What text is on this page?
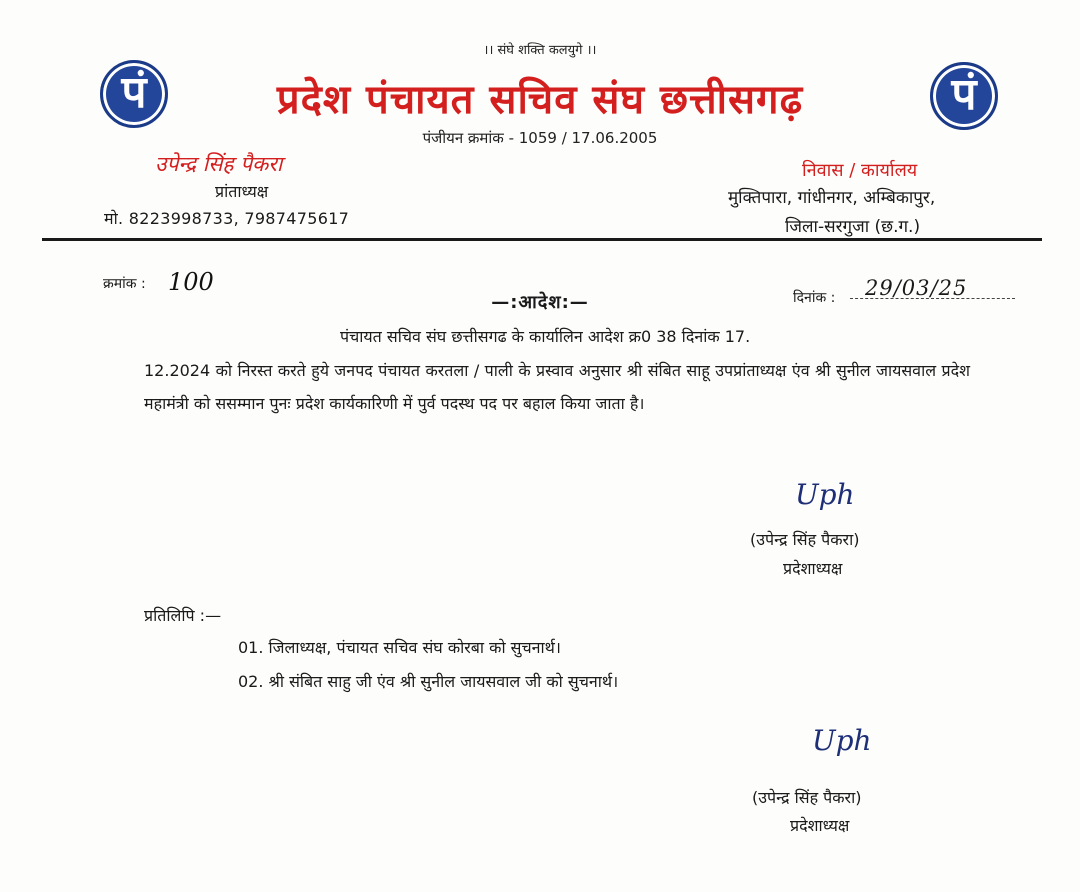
।। संघे शक्ति कलयुगे ।।
पं	प्रदेश पंचायत सचिव संघ छत्तीसगढ़	पं
पंजीयन क्रमांक - 1059 / 17.06.2005
उपेन्द्र सिंह पैकरा
प्रांताध्यक्ष
मो. 8223998733, 7987475617
निवास / कार्यालय
मुक्तिपारा, गांधीनगर, अम्बिकापुर,
जिला-सरगुजा (छ.ग.)
क्रमांक : 100
—:आदेश:—	दिनांक : 29/03/25
पंचायत सचिव संघ छत्तीसगढ के कार्यालिन आदेश क्र0 38 दिनांक 17.
12.2024 को निरस्त करते हुये जनपद पंचायत करतला / पाली के प्रस्वाव अनुसार श्री संबित साहू उपप्रांताध्यक्ष एंव श्री सुनील जायसवाल प्रदेश महामंत्री को ससम्मान पुनः प्रदेश कार्यकारिणी में पुर्व पदस्थ पद पर बहाल किया जाता है।
Uph
(उपेन्द्र सिंह पैकरा)
प्रदेशाध्यक्ष
प्रतिलिपि :—
01. जिलाध्यक्ष, पंचायत सचिव संघ कोरबा को सुचनार्थ।
02. श्री संबित साहु जी एंव श्री सुनील जायसवाल जी को सुचनार्थ।
Uph
(उपेन्द्र सिंह पैकरा)
प्रदेशाध्यक्ष
